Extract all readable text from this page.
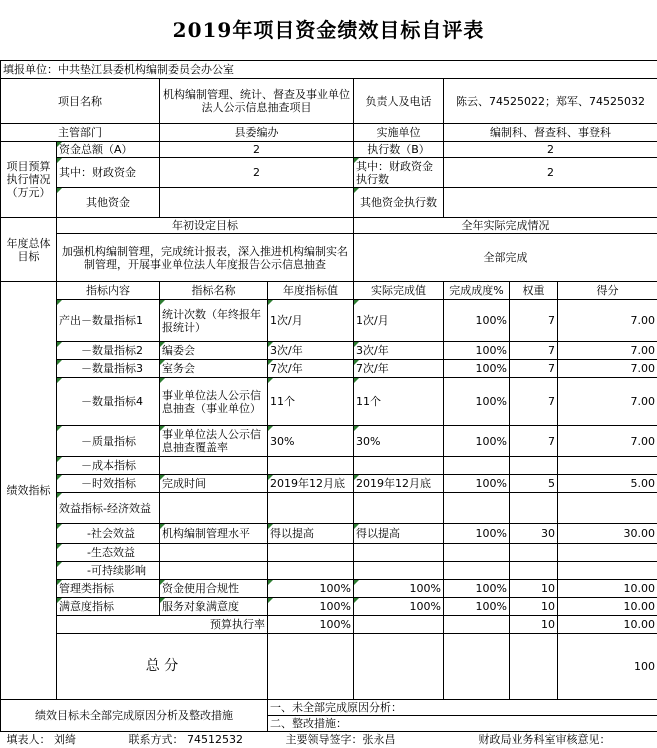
2019年项目资金绩效目标自评表
填报单位：中共垫江县委机构编制委员会办公室								
项目名称		机构编制管理、统计、督查及事业单位法人公示信息抽查项目		负责人及电话	陈云、74525022；郑军、74525032			
主管部门		县委编办		实施单位	编制科、督查科、事登科			
项目预算执行情况（万元）	资金总额（A）	2		执行数（B）	2			
	其中：财政资金	2		其中：财政资金执行数	2			
	其他资金			其他资金执行数				
年度总体目标	年初设定目标			全年实际完成情况				
	加强机构编制管理，完成统计报表，深入推进机构编制实名制管理，开展事业单位法人年度报告公示信息抽查			全部完成				
绩效指标	指标内容	指标名称	年度指标值	实际完成值	完成成度%	权重	得分	
	产出－数量指标1	统计次数（年终报年报统计）	1次/月	1次/月	100%	7	7.00	
	－数量指标2	编委会	3次/年	3次/年	100%	7	7.00	
	－数量指标3	室务会	7次/年	7次/年	100%	7	7.00	
	－数量指标4	事业单位法人公示信息抽查（事业单位）	11个	11个	100%	7	7.00	
	－质量指标	事业单位法人公示信息抽查覆盖率	30%	30%	100%	7	7.00	
	－成本指标							
	－时效指标	完成时间	2019年12月底	2019年12月底	100%	5	5.00	
	效益指标-经济效益							
	-社会效益	机构编制管理水平	得以提高	得以提高	100%	30	30.00	
	-生态效益							
	-可持续影响							
	管理类指标	资金使用合规性	100%	100%	100%	10	10.00	
	满意度指标	服务对象满意度	100%	100%	100%	10	10.00	
	预算执行率		100%			10	10.00	
	总 分						100	
绩效目标未全部完成原因分析及整改措施			一、未全部完成原因分析：					
			二、整改措施：					

填表人： 刘绮 联系方式： 74512532 主要领导签字：张永昌 财政局业务科室审核意见：								
